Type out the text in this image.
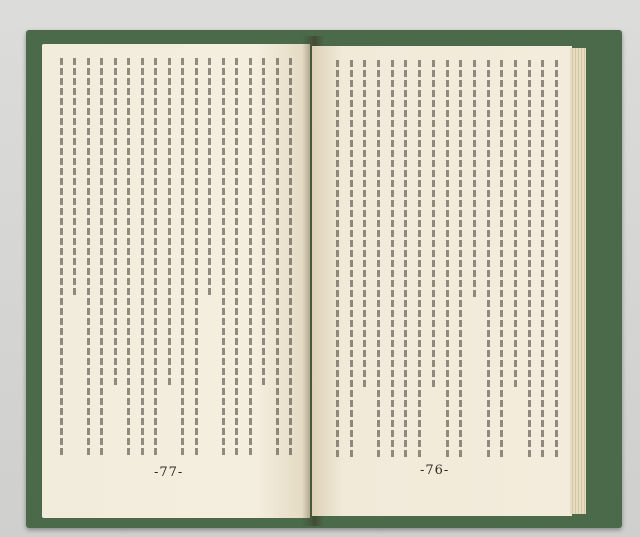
-77-	-76-
